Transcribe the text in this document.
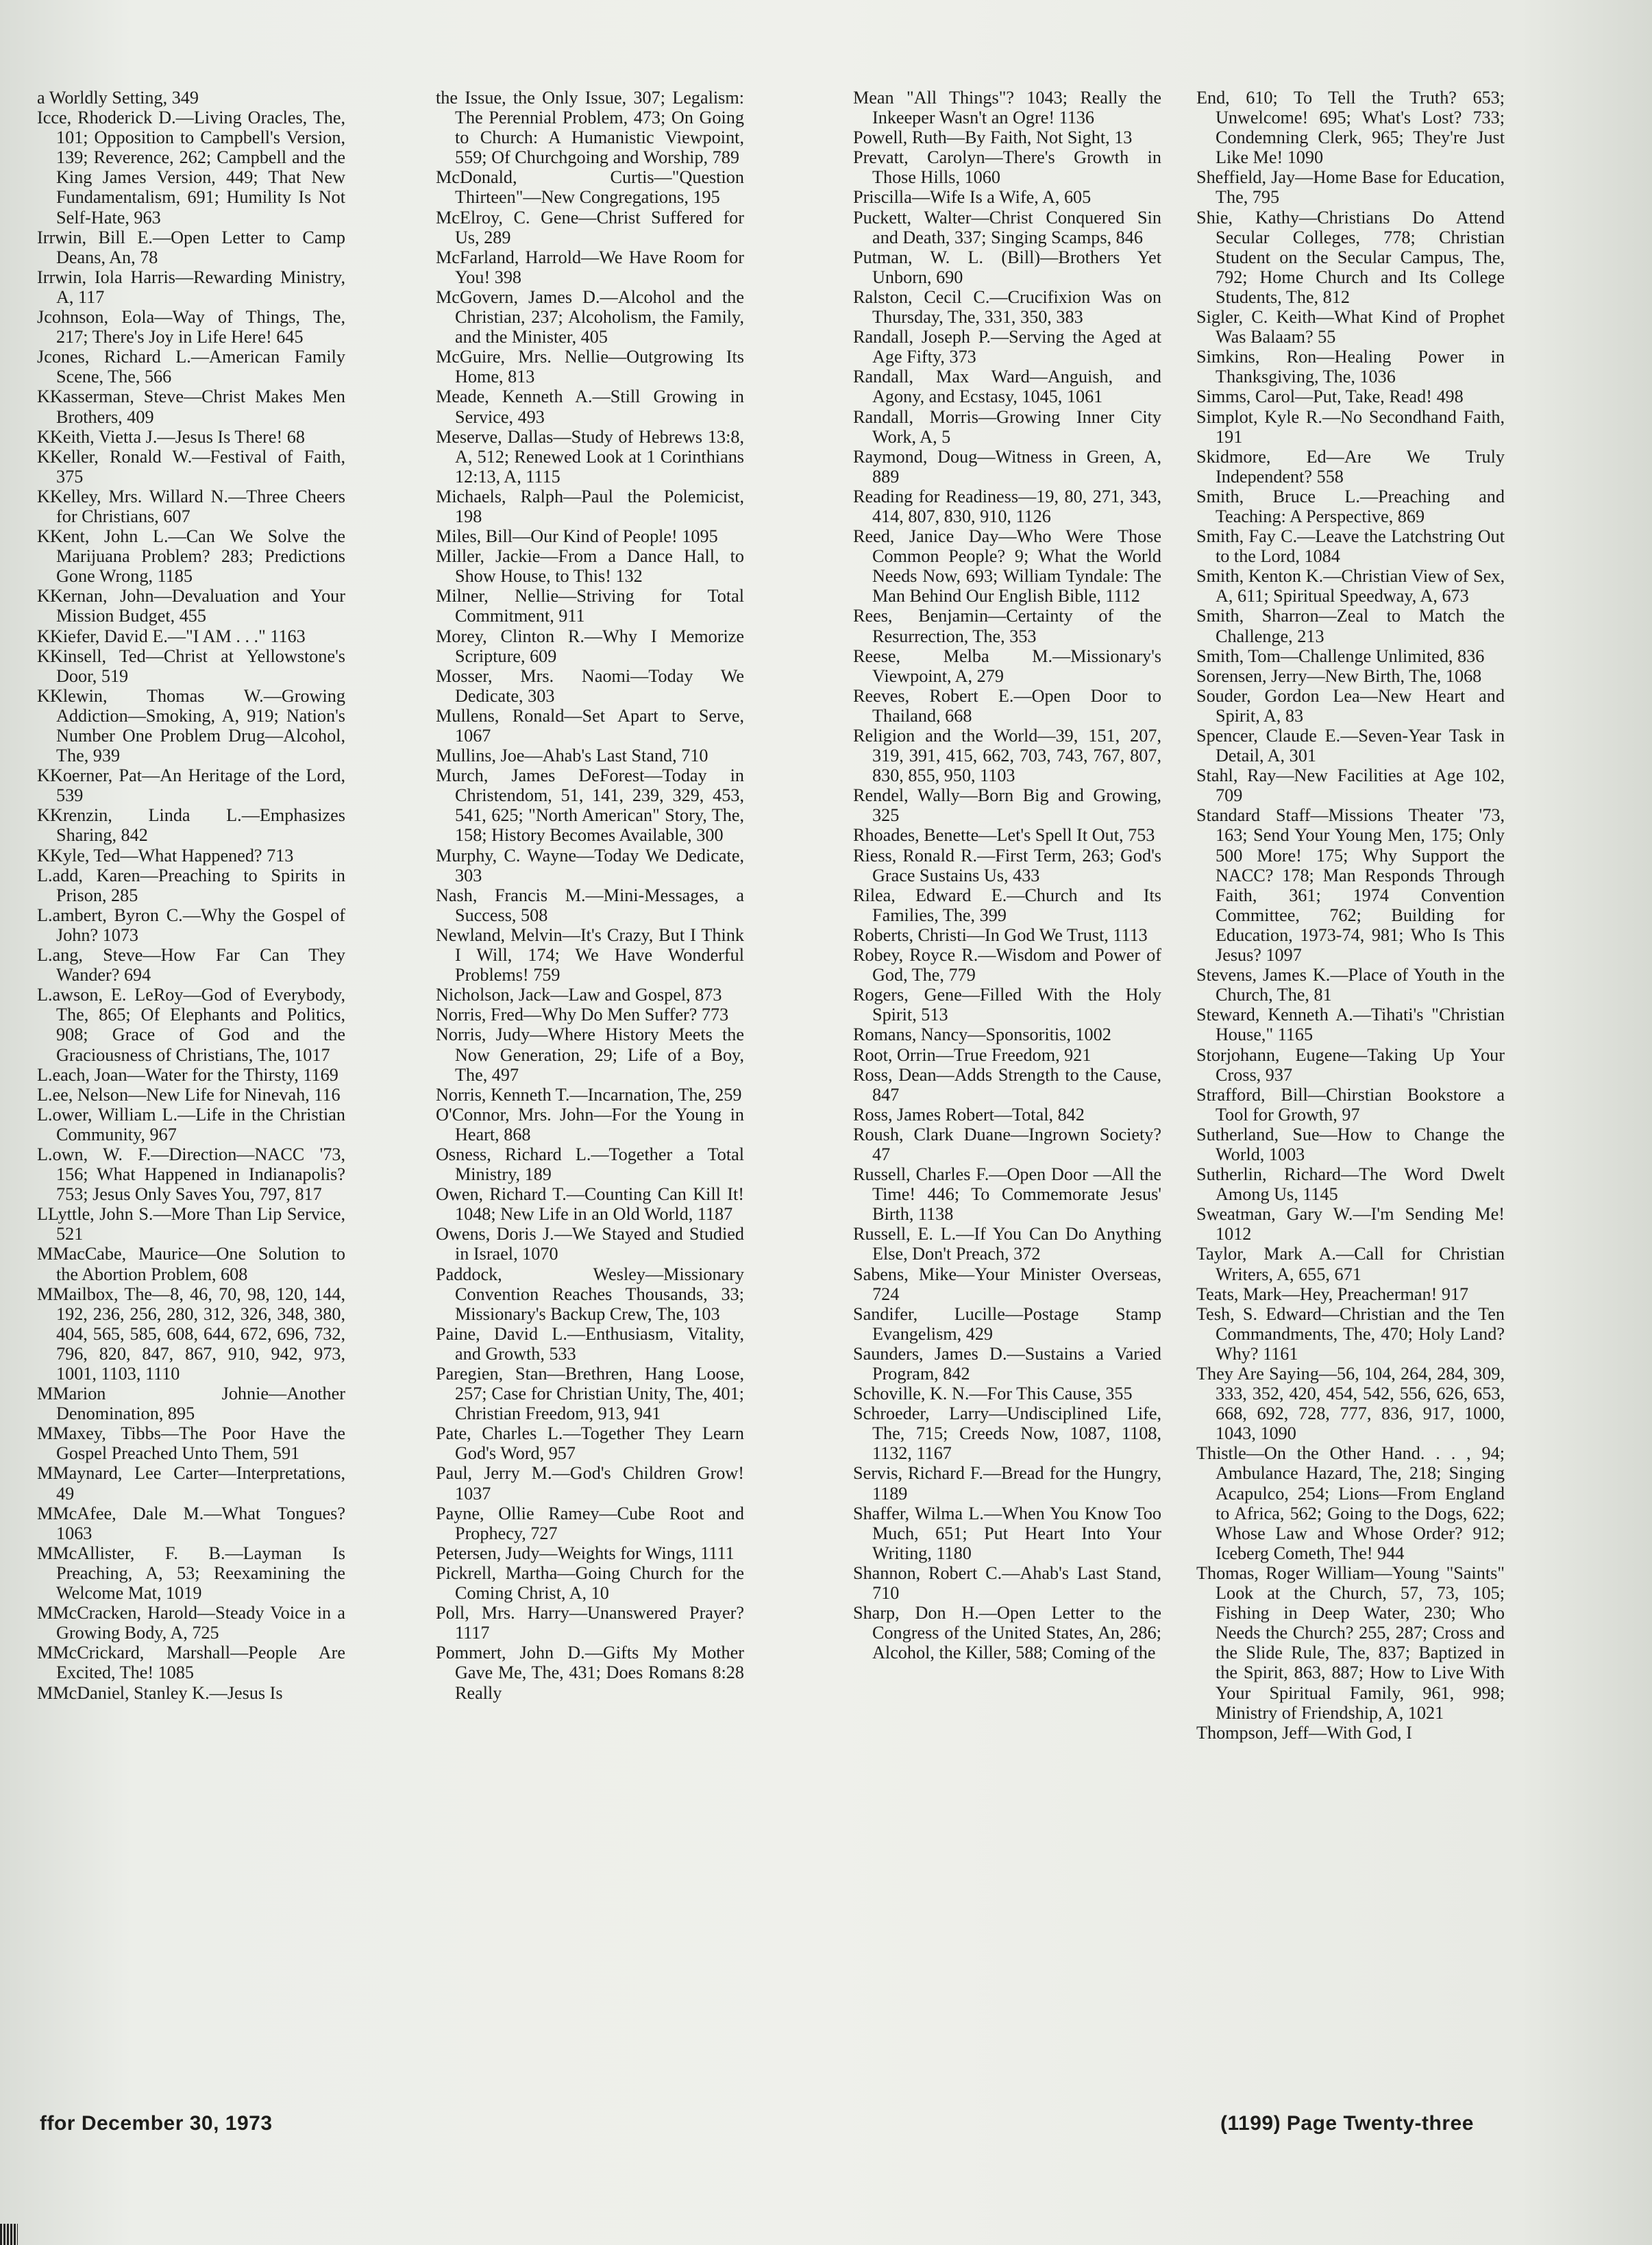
a Worldly Setting, 349

Icce, Rhoderick D.—Living Oracles, The, 101; Opposition to Campbell's Version, 139; Reverence, 262; Campbell and the King James Version, 449; That New Fundamentalism, 691; Humility Is Not Self-Hate, 963

Irrwin, Bill E.—Open Letter to Camp Deans, An, 78

Irrwin, Iola Harris—Rewarding Ministry, A, 117

Jcohnson, Eola—Way of Things, The, 217; There's Joy in Life Here! 645

Jcones, Richard L.—American Family Scene, The, 566

KKasserman, Steve—Christ Makes Men Brothers, 409

KKeith, Vietta J.—Jesus Is There! 68

KKeller, Ronald W.—Festival of Faith, 375

KKelley, Mrs. Willard N.—Three Cheers for Christians, 607

KKent, John L.—Can We Solve the Marijuana Problem? 283; Predictions Gone Wrong, 1185

KKernan, John—Devaluation and Your Mission Budget, 455

KKiefer, David E.—"I AM . . ." 1163

KKinsell, Ted—Christ at Yellowstone's Door, 519

KKlewin, Thomas W.—Growing Addiction—Smoking, A, 919; Nation's Number One Problem Drug—Alcohol, The, 939

KKoerner, Pat—An Heritage of the Lord, 539

KKrenzin, Linda L.—Emphasizes Sharing, 842

KKyle, Ted—What Happened? 713

L.add, Karen—Preaching to Spirits in Prison, 285

L.ambert, Byron C.—Why the Gospel of John? 1073

L.ang, Steve—How Far Can They Wander? 694

L.awson, E. LeRoy—God of Everybody, The, 865; Of Elephants and Politics, 908; Grace of God and the Graciousness of Christians, The, 1017

L.each, Joan—Water for the Thirsty, 1169

L.ee, Nelson—New Life for Ninevah, 116

L.ower, William L.—Life in the Christian Community, 967

L.own, W. F.—Direction—NACC '73, 156; What Happened in Indianapolis? 753; Jesus Only Saves You, 797, 817

LLyttle, John S.—More Than Lip Service, 521

MMacCabe, Maurice—One Solution to the Abortion Problem, 608

MMailbox, The—8, 46, 70, 98, 120, 144, 192, 236, 256, 280, 312, 326, 348, 380, 404, 565, 585, 608, 644, 672, 696, 732, 796, 820, 847, 867, 910, 942, 973, 1001, 1103, 1110

MMarion Johnie—Another Denomination, 895

MMaxey, Tibbs—The Poor Have the Gospel Preached Unto Them, 591

MMaynard, Lee Carter—Interpretations, 49

MMcAfee, Dale M.—What Tongues? 1063

MMcAllister, F. B.—Layman Is Preaching, A, 53; Reexamining the Welcome Mat, 1019

MMcCracken, Harold—Steady Voice in a Growing Body, A, 725

MMcCrickard, Marshall—People Are Excited, The! 1085

MMcDaniel, Stanley K.—Jesus Is

the Issue, the Only Issue, 307; Legalism: The Perennial Problem, 473; On Going to Church: A Humanistic Viewpoint, 559; Of Churchgoing and Worship, 789

McDonald, Curtis—"Question Thirteen"—New Congregations, 195

McElroy, C. Gene—Christ Suffered for Us, 289

McFarland, Harrold—We Have Room for You! 398

McGovern, James D.—Alcohol and the Christian, 237; Alcoholism, the Family, and the Minister, 405

McGuire, Mrs. Nellie—Outgrowing Its Home, 813

Meade, Kenneth A.—Still Growing in Service, 493

Meserve, Dallas—Study of Hebrews 13:8, A, 512; Renewed Look at 1 Corinthians 12:13, A, 1115

Michaels, Ralph—Paul the Polemicist, 198

Miles, Bill—Our Kind of People! 1095

Miller, Jackie—From a Dance Hall, to Show House, to This! 132

Milner, Nellie—Striving for Total Commitment, 911

Morey, Clinton R.—Why I Memorize Scripture, 609

Mosser, Mrs. Naomi—Today We Dedicate, 303

Mullens, Ronald—Set Apart to Serve, 1067

Mullins, Joe—Ahab's Last Stand, 710

Murch, James DeForest—Today in Christendom, 51, 141, 239, 329, 453, 541, 625; "North American" Story, The, 158; History Becomes Available, 300

Murphy, C. Wayne—Today We Dedicate, 303

Nash, Francis M.—Mini-Messages, a Success, 508

Newland, Melvin—It's Crazy, But I Think I Will, 174; We Have Wonderful Problems! 759

Nicholson, Jack—Law and Gospel, 873

Norris, Fred—Why Do Men Suffer? 773

Norris, Judy—Where History Meets the Now Generation, 29; Life of a Boy, The, 497

Norris, Kenneth T.—Incarnation, The, 259

O'Connor, Mrs. John—For the Young in Heart, 868

Osness, Richard L.—Together a Total Ministry, 189

Owen, Richard T.—Counting Can Kill It! 1048; New Life in an Old World, 1187

Owens, Doris J.—We Stayed and Studied in Israel, 1070

Paddock, Wesley—Missionary Convention Reaches Thousands, 33; Missionary's Backup Crew, The, 103

Paine, David L.—Enthusiasm, Vitality, and Growth, 533

Paregien, Stan—Brethren, Hang Loose, 257; Case for Christian Unity, The, 401; Christian Freedom, 913, 941

Pate, Charles L.—Together They Learn God's Word, 957

Paul, Jerry M.—God's Children Grow! 1037

Payne, Ollie Ramey—Cube Root and Prophecy, 727

Petersen, Judy—Weights for Wings, 1111

Pickrell, Martha—Going Church for the Coming Christ, A, 10

Poll, Mrs. Harry—Unanswered Prayer? 1117

Pommert, John D.—Gifts My Mother Gave Me, The, 431; Does Romans 8:28 Really

Mean "All Things"? 1043; Really the Inkeeper Wasn't an Ogre! 1136

Powell, Ruth—By Faith, Not Sight, 13

Prevatt, Carolyn—There's Growth in Those Hills, 1060

Priscilla—Wife Is a Wife, A, 605

Puckett, Walter—Christ Conquered Sin and Death, 337; Singing Scamps, 846

Putman, W. L. (Bill)—Brothers Yet Unborn, 690

Ralston, Cecil C.—Crucifixion Was on Thursday, The, 331, 350, 383

Randall, Joseph P.—Serving the Aged at Age Fifty, 373

Randall, Max Ward—Anguish, and Agony, and Ecstasy, 1045, 1061

Randall, Morris—Growing Inner City Work, A, 5

Raymond, Doug—Witness in Green, A, 889

Reading for Readiness—19, 80, 271, 343, 414, 807, 830, 910, 1126

Reed, Janice Day—Who Were Those Common People? 9; What the World Needs Now, 693; William Tyndale: The Man Behind Our English Bible, 1112

Rees, Benjamin—Certainty of the Resurrection, The, 353

Reese, Melba M.—Missionary's Viewpoint, A, 279

Reeves, Robert E.—Open Door to Thailand, 668

Religion and the World—39, 151, 207, 319, 391, 415, 662, 703, 743, 767, 807, 830, 855, 950, 1103

Rendel, Wally—Born Big and Growing, 325

Rhoades, Benette—Let's Spell It Out, 753

Riess, Ronald R.—First Term, 263; God's Grace Sustains Us, 433

Rilea, Edward E.—Church and Its Families, The, 399

Roberts, Christi—In God We Trust, 1113

Robey, Royce R.—Wisdom and Power of God, The, 779

Rogers, Gene—Filled With the Holy Spirit, 513

Romans, Nancy—Sponsoritis, 1002

Root, Orrin—True Freedom, 921

Ross, Dean—Adds Strength to the Cause, 847

Ross, James Robert—Total, 842

Roush, Clark Duane—Ingrown Society? 47

Russell, Charles F.—Open Door —All the Time! 446; To Commemorate Jesus' Birth, 1138

Russell, E. L.—If You Can Do Anything Else, Don't Preach, 372

Sabens, Mike—Your Minister Overseas, 724

Sandifer, Lucille—Postage Stamp Evangelism, 429

Saunders, James D.—Sustains a Varied Program, 842

Schoville, K. N.—For This Cause, 355

Schroeder, Larry—Undisciplined Life, The, 715; Creeds Now, 1087, 1108, 1132, 1167

Servis, Richard F.—Bread for the Hungry, 1189

Shaffer, Wilma L.—When You Know Too Much, 651; Put Heart Into Your Writing, 1180

Shannon, Robert C.—Ahab's Last Stand, 710

Sharp, Don H.—Open Letter to the Congress of the United States, An, 286; Alcohol, the Killer, 588; Coming of the

End, 610; To Tell the Truth? 653; Unwelcome! 695; What's Lost? 733; Condemning Clerk, 965; They're Just Like Me! 1090

Sheffield, Jay—Home Base for Education, The, 795

Shie, Kathy—Christians Do Attend Secular Colleges, 778; Christian Student on the Secular Campus, The, 792; Home Church and Its College Students, The, 812

Sigler, C. Keith—What Kind of Prophet Was Balaam? 55

Simkins, Ron—Healing Power in Thanksgiving, The, 1036

Simms, Carol—Put, Take, Read! 498

Simplot, Kyle R.—No Secondhand Faith, 191

Skidmore, Ed—Are We Truly Independent? 558

Smith, Bruce L.—Preaching and Teaching: A Perspective, 869

Smith, Fay C.—Leave the Latchstring Out to the Lord, 1084

Smith, Kenton K.—Christian View of Sex, A, 611; Spiritual Speedway, A, 673

Smith, Sharron—Zeal to Match the Challenge, 213

Smith, Tom—Challenge Unlimited, 836

Sorensen, Jerry—New Birth, The, 1068

Souder, Gordon Lea—New Heart and Spirit, A, 83

Spencer, Claude E.—Seven-Year Task in Detail, A, 301

Stahl, Ray—New Facilities at Age 102, 709

Standard Staff—Missions Theater '73, 163; Send Your Young Men, 175; Only 500 More! 175; Why Support the NACC? 178; Man Responds Through Faith, 361; 1974 Convention Committee, 762; Building for Education, 1973-74, 981; Who Is This Jesus? 1097

Stevens, James K.—Place of Youth in the Church, The, 81

Steward, Kenneth A.—Tihati's "Christian House," 1165

Storjohann, Eugene—Taking Up Your Cross, 937

Strafford, Bill—Chirstian Bookstore a Tool for Growth, 97

Sutherland, Sue—How to Change the World, 1003

Sutherlin, Richard—The Word Dwelt Among Us, 1145

Sweatman, Gary W.—I'm Sending Me! 1012

Taylor, Mark A.—Call for Christian Writers, A, 655, 671

Teats, Mark—Hey, Preacherman! 917

Tesh, S. Edward—Christian and the Ten Commandments, The, 470; Holy Land? Why? 1161

They Are Saying—56, 104, 264, 284, 309, 333, 352, 420, 454, 542, 556, 626, 653, 668, 692, 728, 777, 836, 917, 1000, 1043, 1090

Thistle—On the Other Hand. . . , 94; Ambulance Hazard, The, 218; Singing Acapulco, 254; Lions—From England to Africa, 562; Going to the Dogs, 622; Whose Law and Whose Order? 912; Iceberg Cometh, The! 944

Thomas, Roger William—Young "Saints" Look at the Church, 57, 73, 105; Fishing in Deep Water, 230; Who Needs the Church? 255, 287; Cross and the Slide Rule, The, 837; Baptized in the Spirit, 863, 887; How to Live With Your Spiritual Family, 961, 998; Ministry of Friendship, A, 1021

Thompson, Jeff—With God, I

ffor December 30, 1973	(1199) Page Twenty-three
